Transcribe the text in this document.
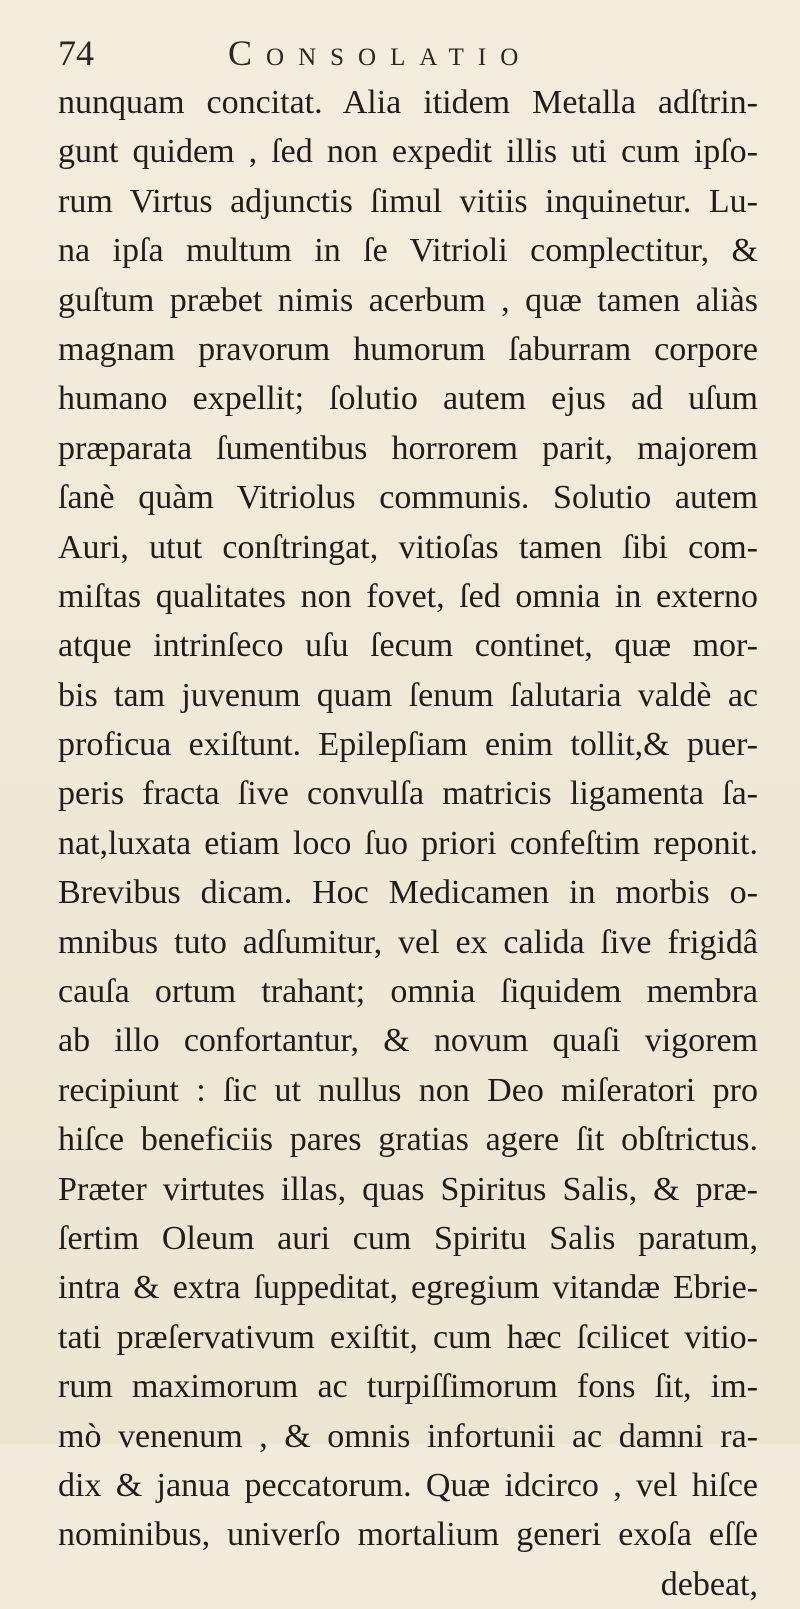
74	Consolatio
nunquam concitat. Alia itidem Metalla adſtrin-
gunt quidem , ſed non expedit illis uti cum ipſo-
rum Virtus adjunctis ſimul vitiis inquinetur. Lu-
na ipſa multum in ſe Vitrioli complectitur, &
guſtum præbet nimis acerbum , quæ tamen aliàs
magnam pravorum humorum ſaburram corpore
humano expellit; ſolutio autem ejus ad uſum
præparata ſumentibus horrorem parit, majorem
ſanè quàm Vitriolus communis. Solutio autem
Auri, utut conſtringat, vitioſas tamen ſibi com-
miſtas qualitates non fovet, ſed omnia in externo
atque intrinſeco uſu ſecum continet, quæ mor-
bis tam juvenum quam ſenum ſalutaria valdè ac
proficua exiſtunt. Epilepſiam enim tollit,& puer-
peris fracta ſive convulſa matricis ligamenta ſa-
nat,luxata etiam loco ſuo priori confeſtim reponit.
Brevibus dicam. Hoc Medicamen in morbis o-
mnibus tuto adſumitur, vel ex calida ſive frigidâ
cauſa ortum trahant; omnia ſiquidem membra
ab illo confortantur, & novum quaſi vigorem
recipiunt : ſic ut nullus non Deo miſeratori pro
hiſce beneficiis pares gratias agere ſit obſtrictus.
Præter virtutes illas, quas Spiritus Salis, & præ-
ſertim Oleum auri cum Spiritu Salis paratum,
intra & extra ſuppeditat, egregium vitandæ Ebrie-
tati præſervativum exiſtit, cum hæc ſcilicet vitio-
rum maximorum ac turpiſſimorum fons ſit, im-
mò venenum , & omnis infortunii ac damni ra-
dix & janua peccatorum. Quæ idcirco , vel hiſce
nominibus, univerſo mortalium generi exoſa eſſe
debeat,
